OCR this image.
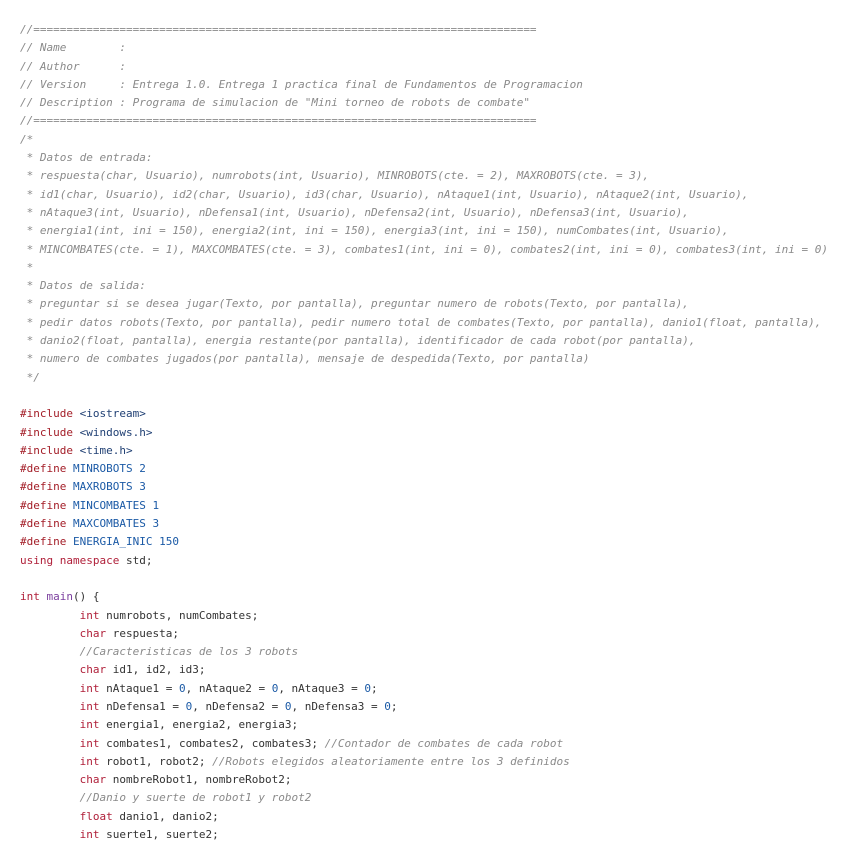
//============================================================================
// Name        :
// Author      :
// Version     : Entrega 1.0. Entrega 1 practica final de Fundamentos de Programacion
// Description : Programa de simulacion de "Mini torneo de robots de combate"
//============================================================================
/*
* Datos de entrada:
* respuesta(char, Usuario), numrobots(int, Usuario), MINROBOTS(cte. = 2), MAXROBOTS(cte. = 3),
* id1(char, Usuario), id2(char, Usuario), id3(char, Usuario), nAtaque1(int, Usuario), nAtaque2(int, Usuario),
* nAtaque3(int, Usuario), nDefensa1(int, Usuario), nDefensa2(int, Usuario), nDefensa3(int, Usuario),
* energia1(int, ini = 150), energia2(int, ini = 150), energia3(int, ini = 150), numCombates(int, Usuario),
* MINCOMBATES(cte. = 1), MAXCOMBATES(cte. = 3), combates1(int, ini = 0), combates2(int, ini = 0), combates3(int, ini = 0)
*
* Datos de salida:
* preguntar si se desea jugar(Texto, por pantalla), preguntar numero de robots(Texto, por pantalla),
* pedir datos robots(Texto, por pantalla), pedir numero total de combates(Texto, por pantalla), danio1(float, pantalla),
* danio2(float, pantalla), energia restante(por pantalla), identificador de cada robot(por pantalla),
* numero de combates jugados(por pantalla), mensaje de despedida(Texto, por pantalla)
*/
#include <iostream>
#include <windows.h>
#include <time.h>
#define MINROBOTS 2
#define MAXROBOTS 3
#define MINCOMBATES 1
#define MAXCOMBATES 3
#define ENERGIA_INIC 150
using namespace std;
int main() {
int numrobots, numCombates;
char respuesta;
//Caracteristicas de los 3 robots
char id1, id2, id3;
int nAtaque1 = 0, nAtaque2 = 0, nAtaque3 = 0;
int nDefensa1 = 0, nDefensa2 = 0, nDefensa3 = 0;
int energia1, energia2, energia3;
int combates1, combates2, combates3; //Contador de combates de cada robot
int robot1, robot2; //Robots elegidos aleatoriamente entre los 3 definidos
char nombreRobot1, nombreRobot2;
//Danio y suerte de robot1 y robot2
float danio1, danio2;
int suerte1, suerte2;
